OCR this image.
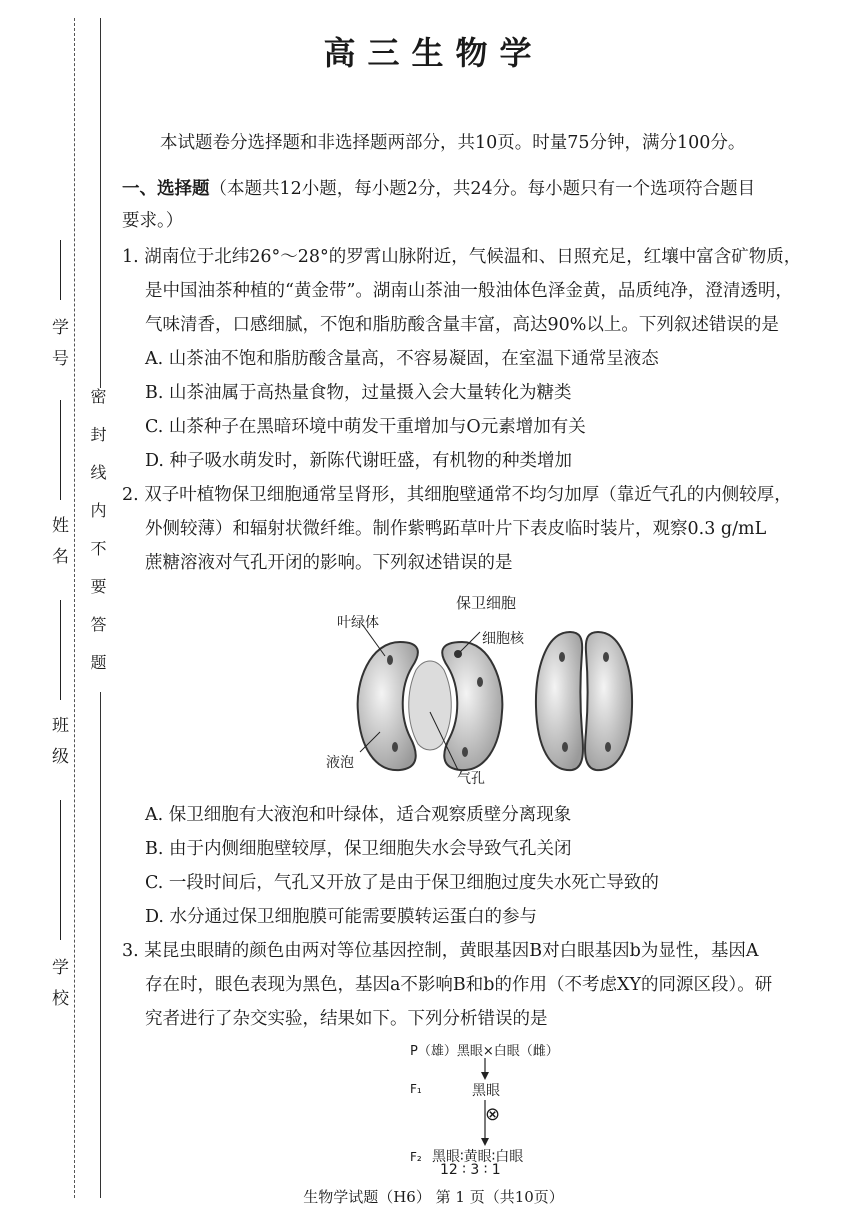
学号
姓名
班级
学校
密封线内不要答题
高三生物学
本试题卷分选择题和非选择题两部分，共10页。时量75分钟，满分100分。
一、选择题（本题共12小题，每小题2分，共24分。每小题只有一个选项符合题目
要求。）
1. 湖南位于北纬26°～28°的罗霄山脉附近，气候温和、日照充足，红壤中富含矿物质，
是中国油茶种植的“黄金带”。湖南山茶油一般油体色泽金黄，品质纯净，澄清透明，
气味清香，口感细腻，不饱和脂肪酸含量丰富，高达90%以上。下列叙述错误的是
A. 山茶油不饱和脂肪酸含量高，不容易凝固，在室温下通常呈液态
B. 山茶油属于高热量食物，过量摄入会大量转化为糖类
C. 山茶种子在黑暗环境中萌发干重增加与O元素增加有关
D. 种子吸水萌发时，新陈代谢旺盛，有机物的种类增加
2. 双子叶植物保卫细胞通常呈肾形，其细胞壁通常不均匀加厚（靠近气孔的内侧较厚，
外侧较薄）和辐射状微纤维。制作紫鸭跖草叶片下表皮临时装片，观察0.3 g/mL
蔗糖溶液对气孔开闭的影响。下列叙述错误的是
保卫细胞
叶绿体
细胞核
液泡
气孔
A. 保卫细胞有大液泡和叶绿体，适合观察质壁分离现象
B. 由于内侧细胞壁较厚，保卫细胞失水会导致气孔关闭
C. 一段时间后，气孔又开放了是由于保卫细胞过度失水死亡导致的
D. 水分通过保卫细胞膜可能需要膜转运蛋白的参与
3. 某昆虫眼睛的颜色由两对等位基因控制，黄眼基因B对白眼基因b为显性，基因A
存在时，眼色表现为黑色，基因a不影响B和b的作用（不考虑XY的同源区段）。研
究者进行了杂交实验，结果如下。下列分析错误的是
P（雄）黑眼×白眼（雌）
F₁	黑眼
⊗
F₂ 黑眼∶黄眼∶白眼
12 ∶ 3 ∶ 1
生物学试题（H6） 第 1 页（共10页）
